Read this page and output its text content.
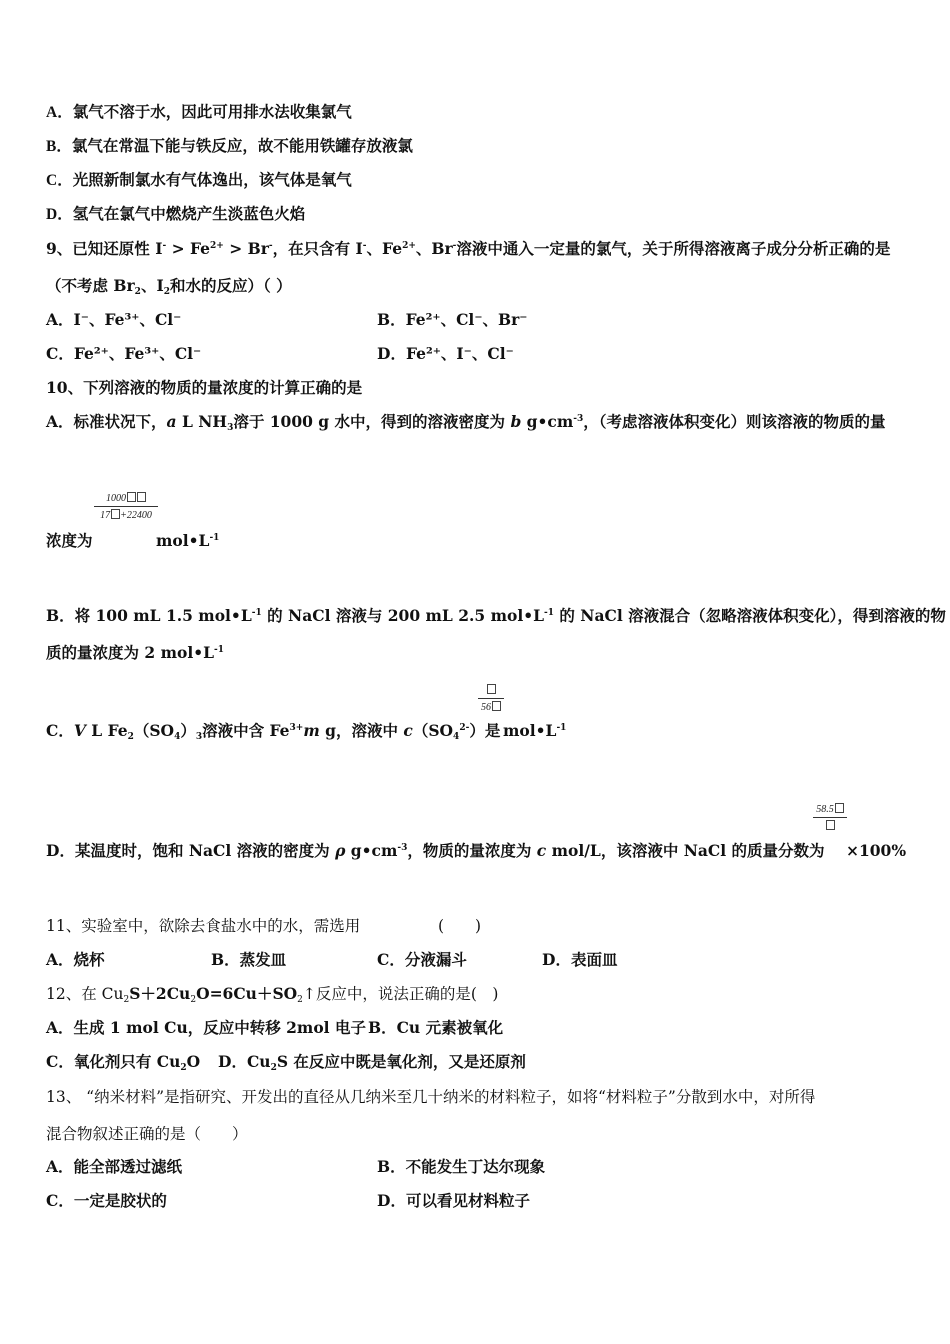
A．氯气不溶于水，因此可用排水法收集氯气
B．氯气在常温下能与铁反应，故不能用铁罐存放液氯
C．光照新制氯水有气体逸出，该气体是氧气
D．氢气在氯气中燃烧产生淡蓝色火焰
9、已知还原性 $I^- > Fe^{2+} > Br^-$，在只含有 I-、$Fe^{2+}$、Br-溶液中通入一定量的氯气，关于所得溶液离子成分分析正确的是
（不考虑 $Br_2$、$I_2$和水的反应）（ ）
A．I⁻、Fe³⁺、Cl⁻	B．Fe²⁺、Cl⁻、Br⁻
C．Fe²⁺、Fe³⁺、Cl⁻	D．Fe²⁺、I⁻、Cl⁻
10、下列溶液的物质的量浓度的计算正确的是
A．标准状况下，a L $NH_3$溶于 1000 g 水中，得到的溶液密度为 b $g•cm^{-3}$，（考虑溶液体积变化）则该溶液的物质的量
1000
17 +22400
浓度为	$mol•L^{-1}$
B．将 100 mL 1.5 $mol•L^{-1}$ 的 NaCl 溶液与 200 mL 2.5 $mol•L^{-1}$ 的 NaCl 溶液混合（忽略溶液体积变化），得到溶液的物
质的量浓度为 2 $mol•L^{-1}$
56
C．V L $Fe_2(SO_4)_3$溶液中含 $Fe^{3+}m$ g，溶液中 $c(SO_4^{2-})$是 $mol•L^{-1}$
58.5
D．某温度时，饱和 NaCl 溶液的密度为 ρ $g•cm^{-3}$，物质的量浓度为 c mol/L，该溶液中 NaCl 的质量分数为 ×100%
11、实验室中，欲除去食盐水中的水，需选用	(　　)
A．烧杯	B．蒸发皿	C．分液漏斗	D．表面皿
12、在 $Cu_2S+2Cu_2O=6Cu+SO_2↑$反应中，说法正确的是(　)
A．生成 1 mol Cu，反应中转移 2mol 电子 B．Cu 元素被氧化
C．氧化剂只有 $Cu_2O$ D．$Cu_2S$ 在反应中既是氧化剂，又是还原剂
13、 “纳米材料”是指研究、开发出的直径从几纳米至几十纳米的材料粒子，如将“材料粒子”分散到水中，对所得
混合物叙述正确的是（　　）
A．能全部透过滤纸	B．不能发生丁达尔现象
C．一定是胶状的	D．可以看见材料粒子
